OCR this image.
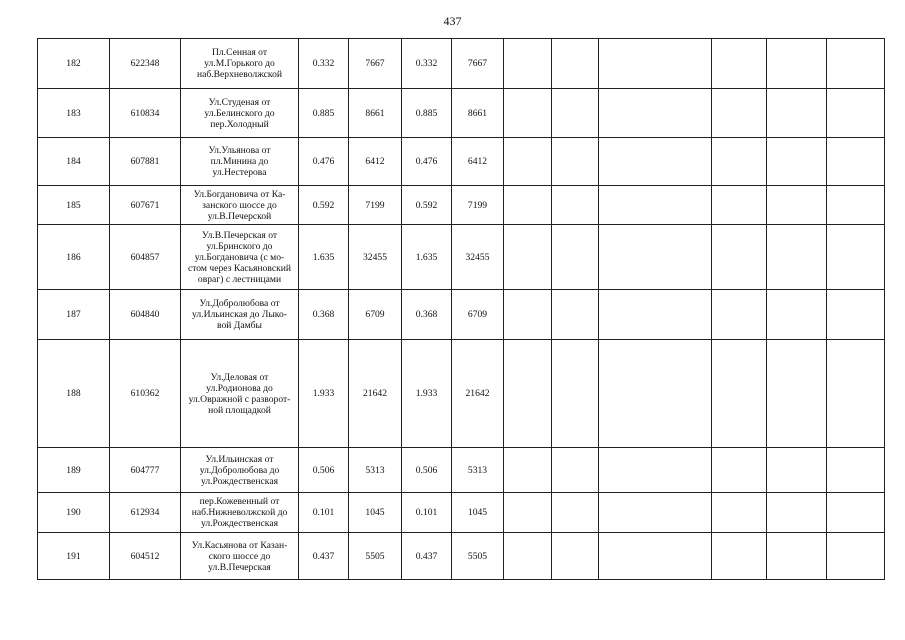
437
182	622348	Пл.Сенная от
ул.М.Горького до
наб.Верхневолжской	0.332	7667	0.332	7667						
183	610834	Ул.Студеная от
ул.Белинского до
пер.Холодный	0.885	8661	0.885	8661						
184	607881	Ул.Ульянова от
пл.Минина до
ул.Нестерова	0.476	6412	0.476	6412						
185	607671	Ул.Богдановича от Ка-
занского шоссе до
ул.В.Печерской	0.592	7199	0.592	7199						
186	604857	Ул.В.Печерская от
ул.Бринского до
ул.Богдановича (с мо-
стом через Касьяновский
овраг) с лестницами	1.635	32455	1.635	32455						
187	604840	Ул.Добролюбова от
ул.Ильинская до Лыко-
вой Дамбы	0.368	6709	0.368	6709						
188	610362	Ул.Деловая от
ул.Родионова до
ул.Овражной с разворот-
ной площадкой	1.933	21642	1.933	21642						
189	604777	Ул.Ильинская от
ул.Добролюбова до
ул.Рождественская	0.506	5313	0.506	5313						
190	612934	пер.Кожевенный от
наб.Нижневолжской до
ул.Рождественская	0.101	1045	0.101	1045						
191	604512	Ул.Касьянова от Казан-
ского шоссе до
ул.В.Печерская	0.437	5505	0.437	5505						
